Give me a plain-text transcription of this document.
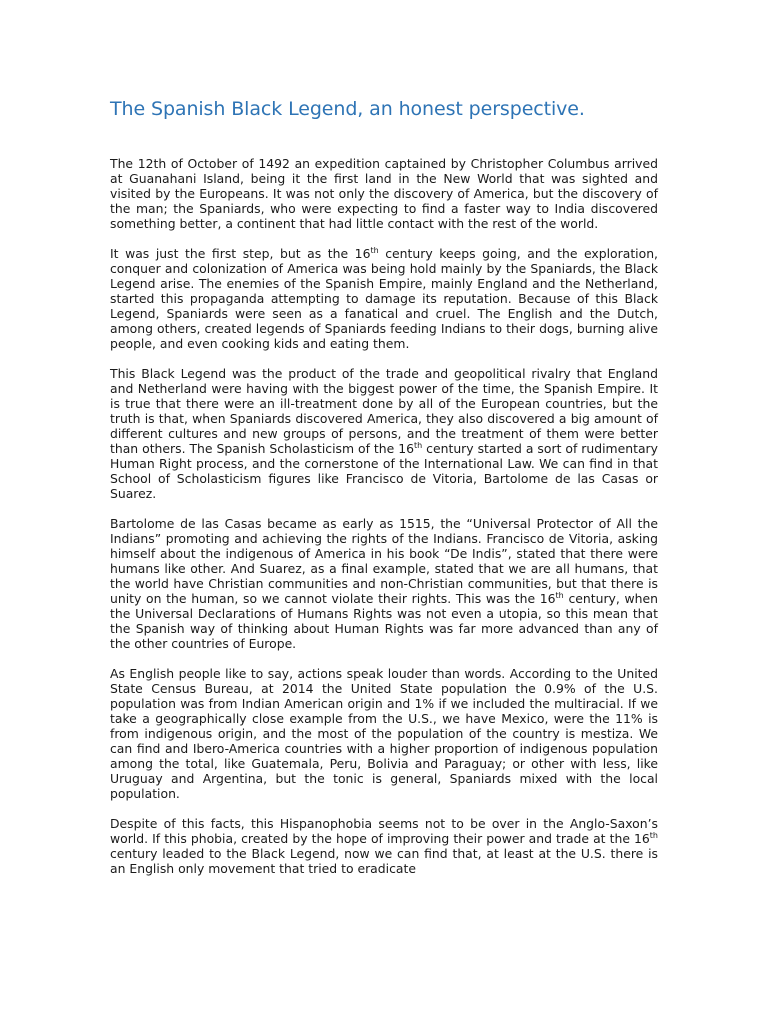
The Spanish Black Legend, an honest perspective.

The 12th of October of 1492 an expedition captained by Christopher Columbus arrived at Guanahani Island, being it the first land in the New World that was sighted and visited by the Europeans. It was not only the discovery of America, but the discovery of the man; the Spaniards, who were expecting to find a faster way to India discovered something better, a continent that had little contact with the rest of the world.

It was just the first step, but as the 16th century keeps going, and the exploration, conquer and colonization of America was being hold mainly by the Spaniards, the Black Legend arise. The enemies of the Spanish Empire, mainly England and the Netherland, started this propaganda attempting to damage its reputation. Because of this Black Legend, Spaniards were seen as a fanatical and cruel. The English and the Dutch, among others, created legends of Spaniards feeding Indians to their dogs, burning alive people, and even cooking kids and eating them.

This Black Legend was the product of the trade and geopolitical rivalry that England and Netherland were having with the biggest power of the time, the Spanish Empire. It is true that there were an ill-treatment done by all of the European countries, but the truth is that, when Spaniards discovered America, they also discovered a big amount of different cultures and new groups of persons, and the treatment of them were better than others. The Spanish Scholasticism of the 16th century started a sort of rudimentary Human Right process, and the cornerstone of the International Law. We can find in that School of Scholasticism figures like Francisco de Vitoria, Bartolome de las Casas or Suarez.

Bartolome de las Casas became as early as 1515, the “Universal Protector of All the Indians” promoting and achieving the rights of the Indians. Francisco de Vitoria, asking himself about the indigenous of America in his book “De Indis”, stated that there were humans like other. And Suarez, as a final example, stated that we are all humans, that the world have Christian communities and non-Christian communities, but that there is unity on the human, so we cannot violate their rights. This was the 16th century, when the Universal Declarations of Humans Rights was not even a utopia, so this mean that the Spanish way of thinking about Human Rights was far more advanced than any of the other countries of Europe.

As English people like to say, actions speak louder than words. According to the United State Census Bureau, at 2014 the United State population the 0.9% of the U.S. population was from Indian American origin and 1% if we included the multiracial. If we take a geographically close example from the U.S., we have Mexico, were the 11% is from indigenous origin, and the most of the population of the country is mestiza. We can find and Ibero-America countries with a higher proportion of indigenous population among the total, like Guatemala, Peru, Bolivia and Paraguay; or other with less, like Uruguay and Argentina, but the tonic is general, Spaniards mixed with the local population.

Despite of this facts, this Hispanophobia seems not to be over in the Anglo-Saxon’s world. If this phobia, created by the hope of improving their power and trade at the 16th century leaded to the Black Legend, now we can find that, at least at the U.S. there is an English only movement that tried to eradicate
